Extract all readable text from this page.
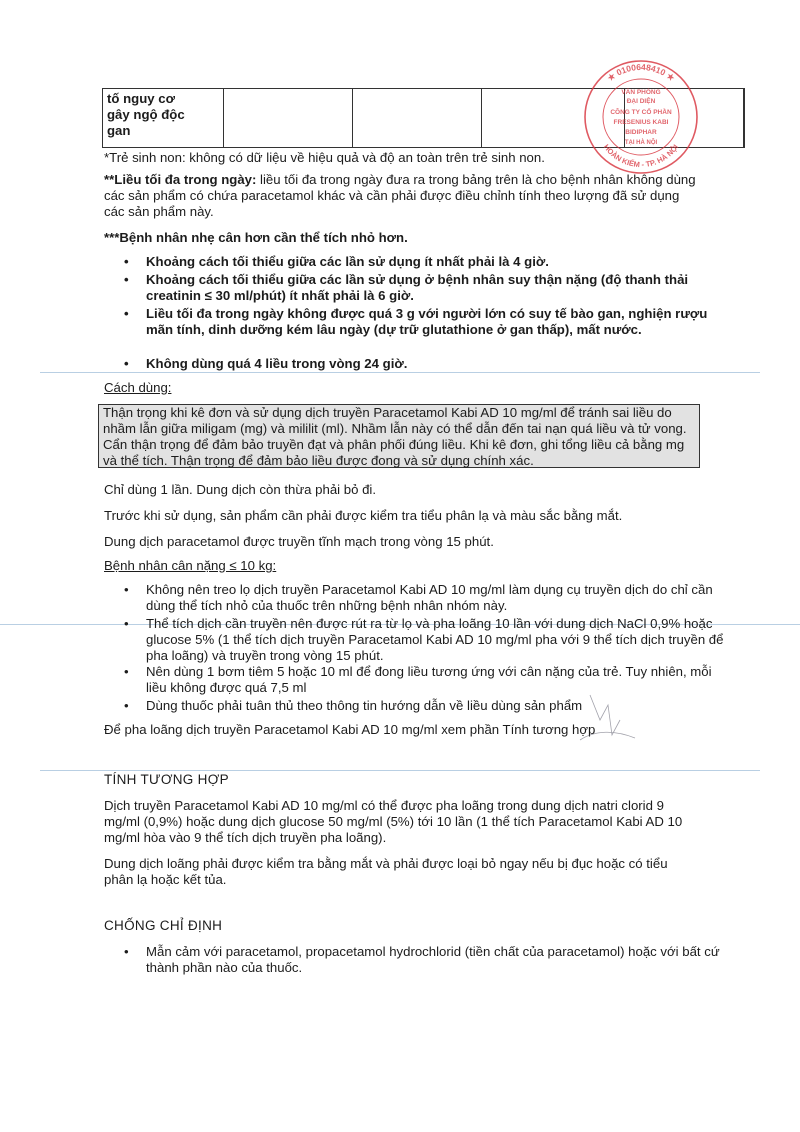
tố nguy cơ
gây ngộ độc
gan

*Trẻ sinh non: không có dữ liệu về hiệu quả và độ an toàn trên trẻ sinh non.

**Liều tối đa trong ngày: liều tối đa trong ngày đưa ra trong bảng trên là cho bệnh nhân không dùng các sản phẩm có chứa paracetamol khác và cần phải được điều chỉnh tính theo lượng đã sử dụng các sản phẩm này.

***Bệnh nhân nhẹ cân hơn cần thể tích nhỏ hơn.

• Khoảng cách tối thiểu giữa các lần sử dụng ít nhất phải là 4 giờ.
• Khoảng cách tối thiểu giữa các lần sử dụng ở bệnh nhân suy thận nặng (độ thanh thải creatinin ≤ 30 ml/phút) ít nhất phải là 6 giờ.
• Liều tối đa trong ngày không được quá 3 g với người lớn có suy tế bào gan, nghiện rượu mãn tính, dinh dưỡng kém lâu ngày (dự trữ glutathione ở gan thấp), mất nước.
• Không dùng quá 4 liều trong vòng 24 giờ.

Cách dùng:

Thận trọng khi kê đơn và sử dụng dịch truyền Paracetamol Kabi AD 10 mg/ml để tránh sai liều do nhầm lẫn giữa miligam (mg) và mililit (ml). Nhầm lẫn này có thể dẫn đến tai nạn quá liều và tử vong. Cẩn thận trọng để đảm bảo truyền đạt và phân phối đúng liều. Khi kê đơn, ghi tổng liều cả bằng mg và thể tích. Thận trọng để đảm bảo liều được đong và sử dụng chính xác.

Chỉ dùng 1 lần. Dung dịch còn thừa phải bỏ đi.

Trước khi sử dụng, sản phẩm cần phải được kiểm tra tiểu phân lạ và màu sắc bằng mắt.

Dung dịch paracetamol được truyền tĩnh mạch trong vòng 15 phút.

Bệnh nhân cân nặng ≤ 10 kg:

• Không nên treo lọ dịch truyền Paracetamol Kabi AD 10 mg/ml làm dụng cụ truyền dịch do chỉ cần dùng thể tích nhỏ của thuốc trên những bệnh nhân nhóm này.
• Thể tích dịch cần truyền nên được rút ra từ lọ và pha loãng 10 lần với dung dịch NaCl 0,9% hoặc glucose 5% (1 thể tích dịch truyền Paracetamol Kabi AD 10 mg/ml pha với 9 thể tích dịch truyền để pha loãng) và truyền trong vòng 15 phút.
• Nên dùng 1 bơm tiêm 5 hoặc 10 ml để đong liều tương ứng với cân nặng của trẻ. Tuy nhiên, mỗi liều không được quá 7,5 ml
• Dùng thuốc phải tuân thủ theo thông tin hướng dẫn về liều dùng sản phẩm

Để pha loãng dịch truyền Paracetamol Kabi AD 10 mg/ml xem phần Tính tương hợp

TÍNH TƯƠNG HỢP

Dịch truyền Paracetamol Kabi AD 10 mg/ml có thể được pha loãng trong dung dịch natri clorid 9 mg/ml (0,9%) hoặc dung dịch glucose 50 mg/ml (5%) tới 10 lần (1 thể tích Paracetamol Kabi AD 10 mg/ml hòa vào 9 thể tích dịch truyền pha loãng).

Dung dịch loãng phải được kiểm tra bằng mắt và phải được loại bỏ ngay nếu bị đục hoặc có tiểu phân lạ hoặc kết tủa.

CHỐNG CHỈ ĐỊNH

• Mẫn cảm với paracetamol, propacetamol hydrochlorid (tiền chất của paracetamol) hoặc với bất cứ thành phần nào của thuốc.
★ 0100648410 ★
HOÀN KIẾM - TP. HÀ NỘI
VĂN PHÒNG
ĐẠI DIỆN
CÔNG TY CỔ PHẦN
FRESENIUS KABI
BIDIPHAR
TẠI HÀ NỘI
